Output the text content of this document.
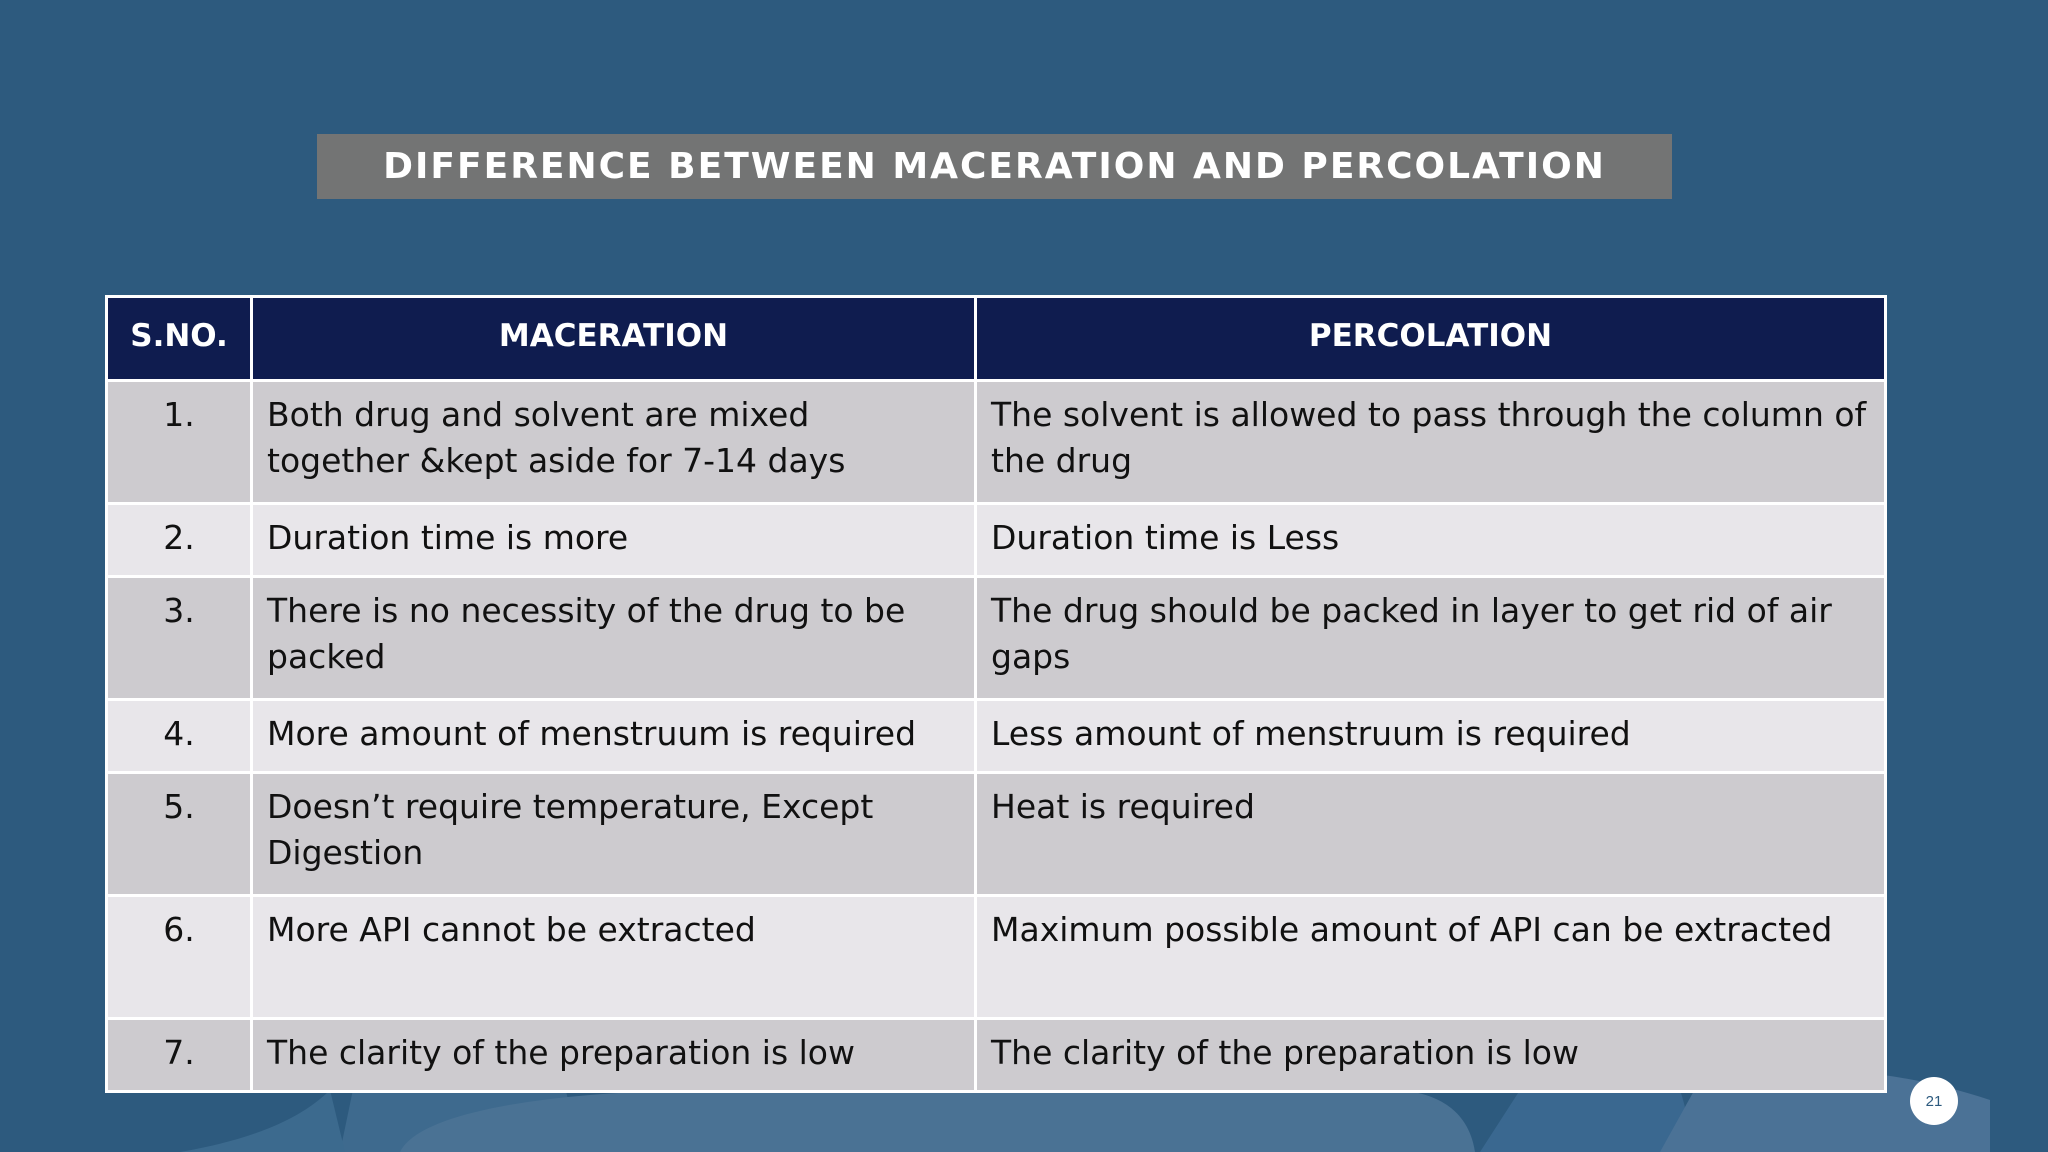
DIFFERENCE BETWEEN MACERATION AND PERCOLATION
S.NO.	MACERATION	PERCOLATION
1.	Both drug and solvent are mixed together &kept aside for 7-14 days	The solvent is allowed to pass through the column of the drug
2.	Duration time is more	Duration time is Less
3.	There is no necessity of the drug to be packed	The drug should be packed in layer to get rid of air gaps
4.	More amount of menstruum is required	Less amount of menstruum is required
5.	Doesn’t require temperature, Except Digestion	Heat is required
6.	More API cannot be extracted	Maximum possible amount of API can be extracted
7.	The clarity of the preparation is low	The clarity of the preparation is low
21
